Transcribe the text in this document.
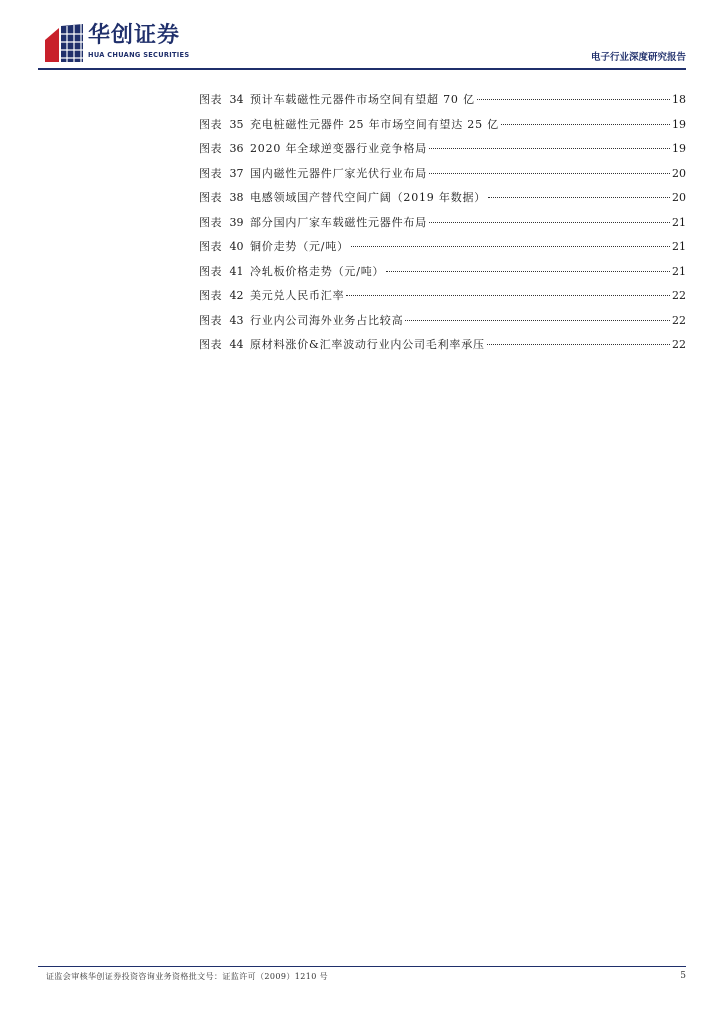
华创证券
HUA CHUANG SECURITIES	电子行业深度研究报告
图表 34 预计车载磁性元器件市场空间有望超 70 亿	18
图表 35 充电桩磁性元器件 25 年市场空间有望达 25 亿	19
图表 36 2020 年全球逆变器行业竞争格局	19
图表 37 国内磁性元器件厂家光伏行业布局	20
图表 38 电感领域国产替代空间广阔（2019 年数据）	20
图表 39 部分国内厂家车载磁性元器件布局	21
图表 40 铜价走势（元/吨）	21
图表 41 冷轧板价格走势（元/吨）	21
图表 42 美元兑人民币汇率	22
图表 43 行业内公司海外业务占比较高	22
图表 44 原材料涨价&汇率波动行业内公司毛利率承压	22
证监会审核华创证券投资咨询业务资格批文号：证监许可（2009）1210 号	5
